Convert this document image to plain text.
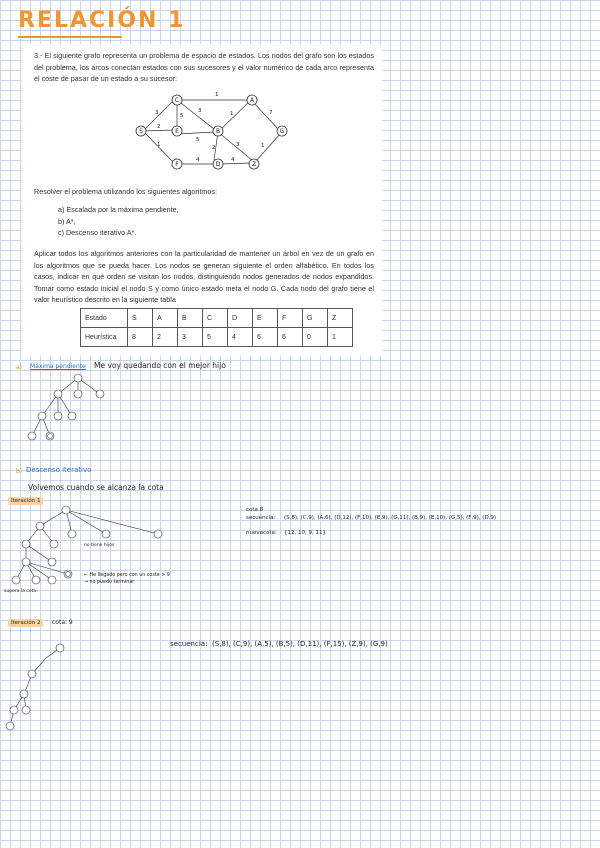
RELACIÓN 1
3.- El siguiente grafo representa un problema de espacio de estados. Los nodos del grafo son los estados del problema, los arcos conectan estados con sus sucesores y el valor numérico de cada arco representa el coste de pasar de un estado a su sucesor:
S
C
E	B
F	D	Z
A
G
3
2
1
5
1
3
5
2
4	4
1	7
3	1
Resolver el problema utilizando los siguientes algoritmos:
a) Escalada por la máxima pendiente,
b) A*,
c) Descenso iterativo A*.
Aplicar todos los algoritmos anteriores con la particularidad de mantener un árbol en vez de un grafo en los algoritmos que se pueda hacer. Los nodos se generan siguiente el orden alfabético. En todos los casos, indicar en qué orden se visitan los nodos, distinguiendo nodos generados de nodos expandidos. Tomar como estado inicial el nodo S y como único estado meta el nodo G. Cada nodo del grafo tiene el valor heurístico descrito en la siguiente tabla
Estado	S	A	B	C	D	E	F	G	Z
Heurística	8	2	3	5	4	6	6	0	1
a) Máxima pendiente Me voy quedando con el mejor hijo
b) Descenso iterativo
Volvemos cuando se alcanza la cota
Iteración 1
no tiene hijos
← He llegado pero con un coste > 9 → no puedo terminar
supera la cota
cota 8
secuencia: (S,8), (C,9), (A,6), (D,12), (F,10), (E,9), (G,11), (B,9), (E,10), (G,5), (F,9), (D,9)
nuevacota: {12, 10, 9, 11}
Iteración 2	cota: 9
secuencia: (S,8), (C,9), (A,5), (B,5), (D,11), (F,15), (Z,9), (G,9)
